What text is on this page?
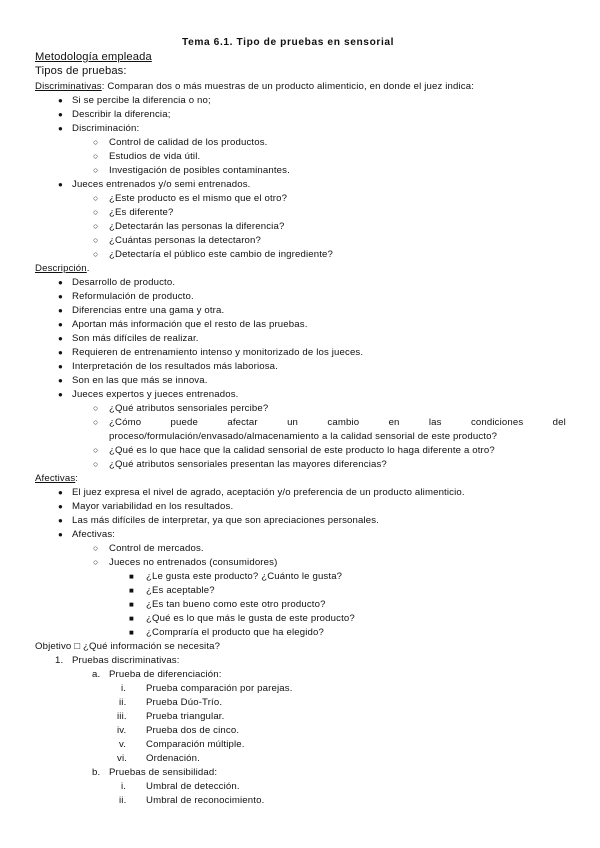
Tema 6.1. Tipo de pruebas en sensorial
Metodología empleada
Tipos de pruebas:
Discriminativas: Comparan dos o más muestras de un producto alimenticio, en donde el juez indica:
● Si se percibe la diferencia o no;
● Describir la diferencia;
● Discriminación:
○ Control de calidad de los productos.
○ Estudios de vida útil.
○ Investigación de posibles contaminantes.
● Jueces entrenados y/o semi entrenados.
○ ¿Este producto es el mismo que el otro?
○ ¿Es diferente?
○ ¿Detectarán las personas la diferencia?
○ ¿Cuántas personas la detectaron?
○ ¿Detectaría el público este cambio de ingrediente?
Descripción.
● Desarrollo de producto.
● Reformulación de producto.
● Diferencias entre una gama y otra.
● Aportan más información que el resto de las pruebas.
● Son más difíciles de realizar.
● Requieren de entrenamiento intenso y monitorizado de los jueces.
● Interpretación de los resultados más laboriosa.
● Son en las que más se innova.
● Jueces expertos y jueces entrenados.
○ ¿Qué atributos sensoriales percibe?
○ ¿Cómo	puede	afectar	un	cambio	en	las	condiciones	del
proceso/formulación/envasado/almacenamiento a la calidad sensorial de este producto?
○ ¿Qué es lo que hace que la calidad sensorial de este producto lo haga diferente a otro?
○ ¿Qué atributos sensoriales presentan las mayores diferencias?
Afectivas:
● El juez expresa el nivel de agrado, aceptación y/o preferencia de un producto alimenticio.
● Mayor variabilidad en los resultados.
● Las más difíciles de interpretar, ya que son apreciaciones personales.
● Afectivas:
○ Control de mercados.
○ Jueces no entrenados (consumidores)
■ ¿Le gusta este producto? ¿Cuánto le gusta?
■ ¿Es aceptable?
■ ¿Es tan bueno como este otro producto?
■ ¿Qué es lo que más le gusta de este producto?
■ ¿Compraría el producto que ha elegido?
Objetivo □ ¿Qué información se necesita?
1. Pruebas discriminativas:
a. Prueba de diferenciación:
i. Prueba comparación por parejas.
ii. Prueba Dúo-Trío.
iii. Prueba triangular.
iv. Prueba dos de cinco.
v. Comparación múltiple.
vi. Ordenación.
b. Pruebas de sensibilidad:
i. Umbral de detección.
ii. Umbral de reconocimiento.
